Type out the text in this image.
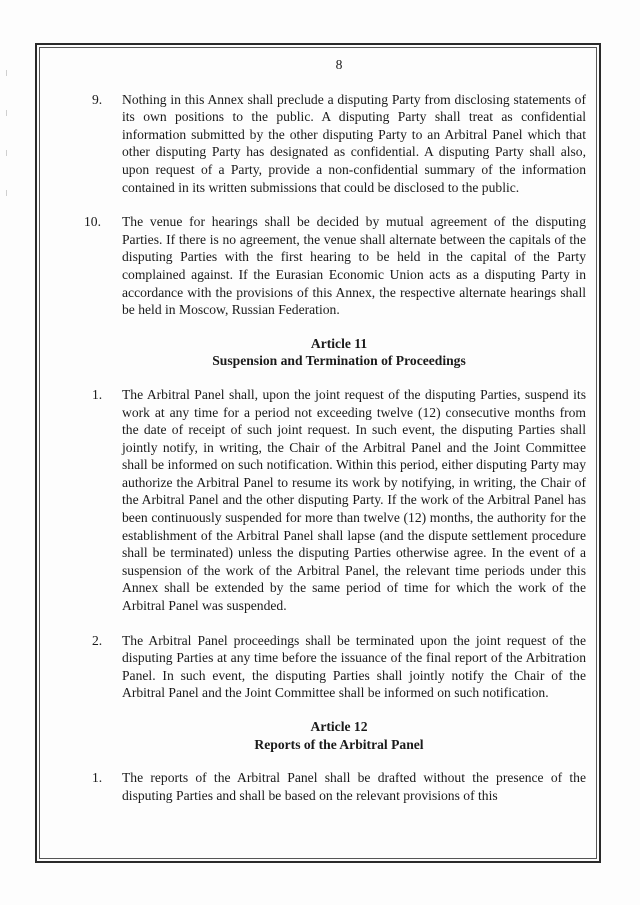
8
9. Nothing in this Annex shall preclude a disputing Party from disclosing statements of its own positions to the public. A disputing Party shall treat as confidential information submitted by the other disputing Party to an Arbitral Panel which that other disputing Party has designated as confidential. A disputing Party shall also, upon request of a Party, provide a non-confidential summary of the information contained in its written submissions that could be disclosed to the public.
10. The venue for hearings shall be decided by mutual agreement of the disputing Parties. If there is no agreement, the venue shall alternate between the capitals of the disputing Parties with the first hearing to be held in the capital of the Party complained against. If the Eurasian Economic Union acts as a disputing Party in accordance with the provisions of this Annex, the respective alternate hearings shall be held in Moscow, Russian Federation.
Article 11
Suspension and Termination of Proceedings
1. The Arbitral Panel shall, upon the joint request of the disputing Parties, suspend its work at any time for a period not exceeding twelve (12) consecutive months from the date of receipt of such joint request. In such event, the disputing Parties shall jointly notify, in writing, the Chair of the Arbitral Panel and the Joint Committee shall be informed on such notification. Within this period, either disputing Party may authorize the Arbitral Panel to resume its work by notifying, in writing, the Chair of the Arbitral Panel and the other disputing Party. If the work of the Arbitral Panel has been continuously suspended for more than twelve (12) months, the authority for the establishment of the Arbitral Panel shall lapse (and the dispute settlement procedure shall be terminated) unless the disputing Parties otherwise agree. In the event of a suspension of the work of the Arbitral Panel, the relevant time periods under this Annex shall be extended by the same period of time for which the work of the Arbitral Panel was suspended.
2. The Arbitral Panel proceedings shall be terminated upon the joint request of the disputing Parties at any time before the issuance of the final report of the Arbitration Panel. In such event, the disputing Parties shall jointly notify the Chair of the Arbitral Panel and the Joint Committee shall be informed on such notification.
Article 12
Reports of the Arbitral Panel
1. The reports of the Arbitral Panel shall be drafted without the presence of the disputing Parties and shall be based on the relevant provisions of this
